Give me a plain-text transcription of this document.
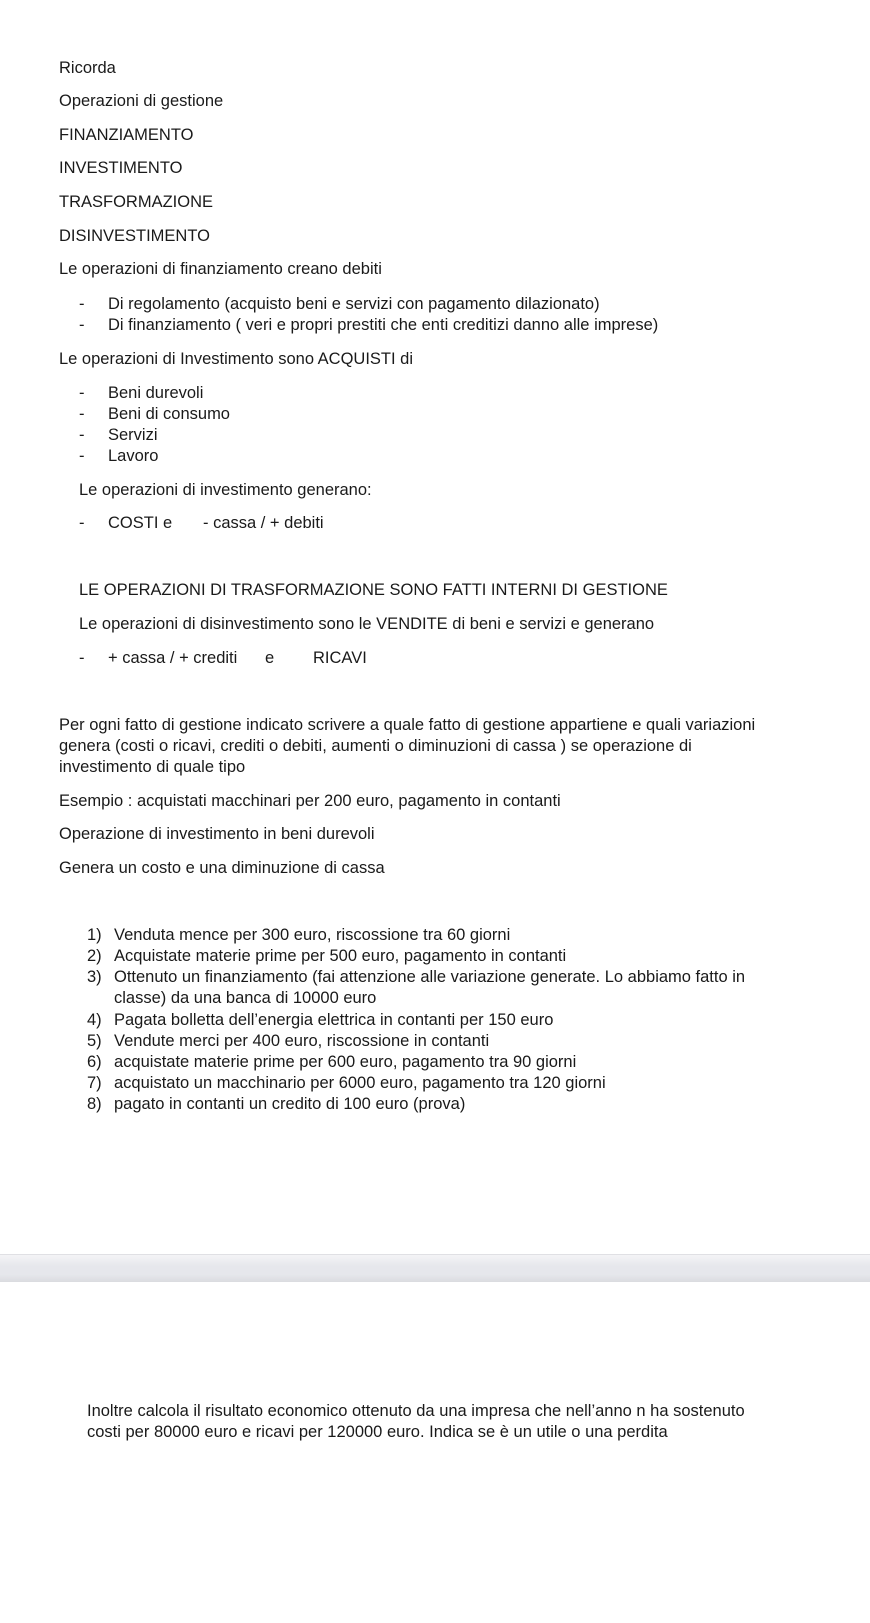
Ricorda
Operazioni di gestione
FINANZIAMENTO
INVESTIMENTO
TRASFORMAZIONE
DISINVESTIMENTO
Le operazioni di finanziamento creano debiti
- Di regolamento (acquisto beni e servizi con pagamento dilazionato)
- Di finanziamento ( veri e propri prestiti che enti creditizi danno alle imprese)
Le operazioni di Investimento sono ACQUISTI di
- Beni durevoli
- Beni di consumo
- Servizi
- Lavoro
Le operazioni di investimento generano:
- COSTI e - cassa / + debiti
LE OPERAZIONI DI TRASFORMAZIONE SONO FATTI INTERNI DI GESTIONE
Le operazioni di disinvestimento sono le VENDITE di beni e servizi e generano
- + cassa / + crediti e RICAVI
Per ogni fatto di gestione indicato scrivere a quale fatto di gestione appartiene e quali variazioni
genera (costi o ricavi, crediti o debiti, aumenti o diminuzioni di cassa ) se operazione di
investimento di quale tipo
Esempio : acquistati macchinari per 200 euro, pagamento in contanti
Operazione di investimento in beni durevoli
Genera un costo e una diminuzione di cassa
1) Venduta mence per 300 euro, riscossione tra 60 giorni
2) Acquistate materie prime per 500 euro, pagamento in contanti
3) Ottenuto un finanziamento (fai attenzione alle variazione generate. Lo abbiamo fatto in
classe) da una banca di 10000 euro
4) Pagata bolletta dell’energia elettrica in contanti per 150 euro
5) Vendute merci per 400 euro, riscossione in contanti
6) acquistate materie prime per 600 euro, pagamento tra 90 giorni
7) acquistato un macchinario per 6000 euro, pagamento tra 120 giorni
8) pagato in contanti un credito di 100 euro (prova)
Inoltre calcola il risultato economico ottenuto da una impresa che nell’anno n ha sostenuto
costi per 80000 euro e ricavi per 120000 euro. Indica se è un utile o una perdita
